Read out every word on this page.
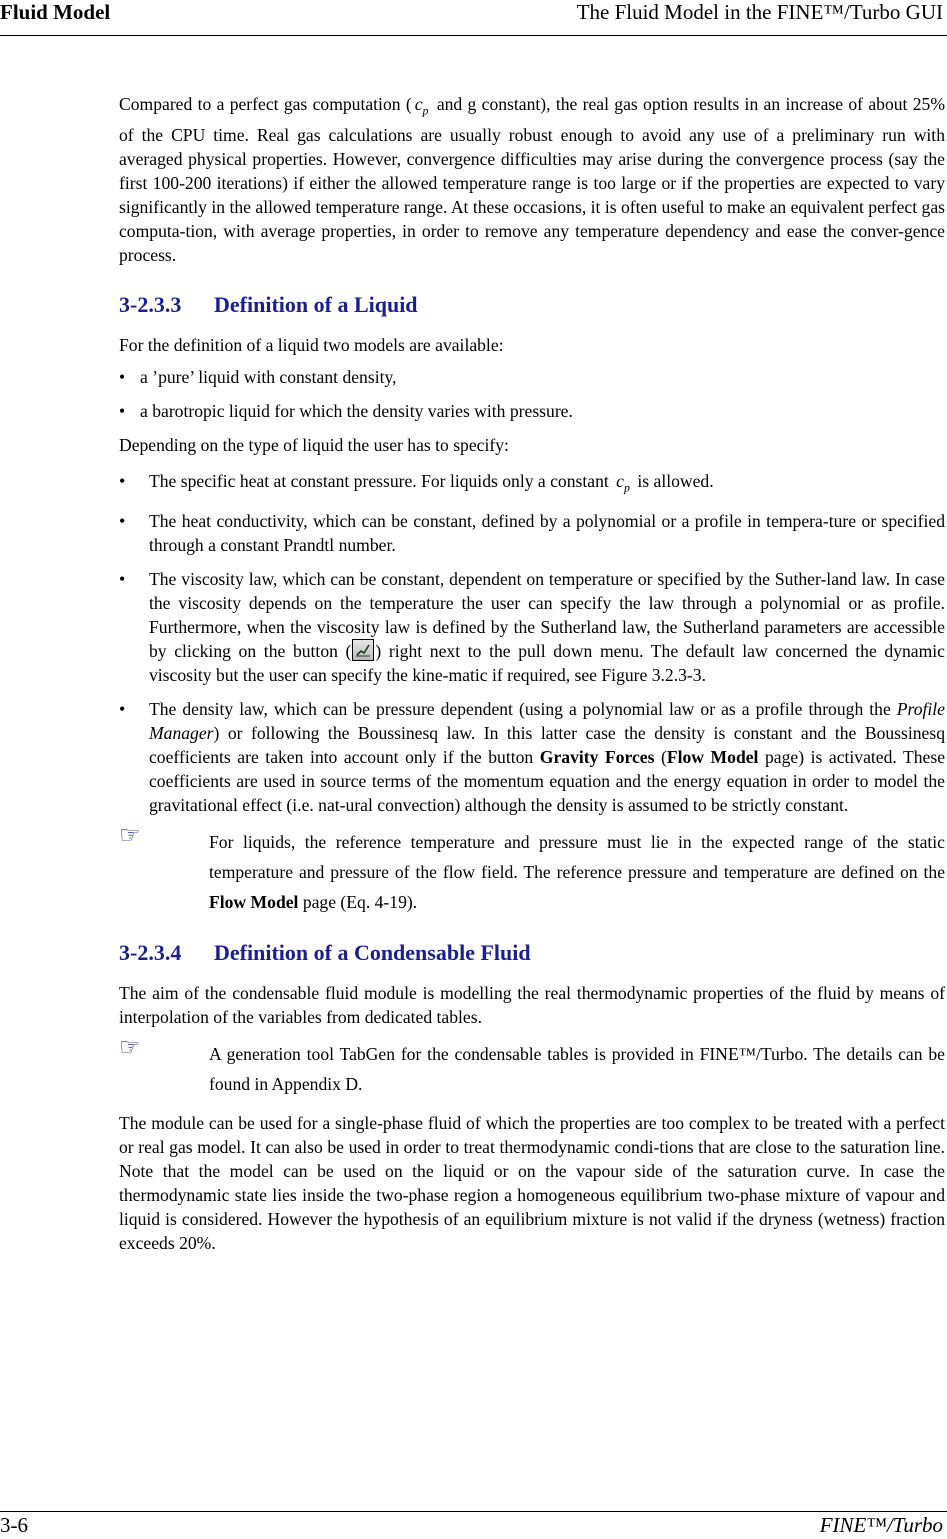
Fluid Model	The Fluid Model in the FINE™/Turbo GUI

Compared to a perfect gas computation ( $c_p$ and g constant), the real gas option results in an increase of about 25% of the CPU time. Real gas calculations are usually robust enough to avoid any use of a preliminary run with averaged physical properties. However, convergence difficulties may arise during the convergence process (say the first 100-200 iterations) if either the allowed temperature range is too large or if the properties are expected to vary significantly in the allowed temperature range. At these occasions, it is often useful to make an equivalent perfect gas computa-tion, with average properties, in order to remove any temperature dependency and ease the conver-gence process.

3-2.3.3 Definition of a Liquid

For the definition of a liquid two models are available:

• a ’pure’ liquid with constant density,
• a barotropic liquid for which the density varies with pressure.

Depending on the type of liquid the user has to specify:

• The specific heat at constant pressure. For liquids only a constant $c_p$ is allowed.
• The heat conductivity, which can be constant, defined by a polynomial or a profile in tempera-ture or specified through a constant Prandtl number.
• The viscosity law, which can be constant, dependent on temperature or specified by the Suther-land law. In case the viscosity depends on the temperature the user can specify the law through a polynomial or as profile. Furthermore, when the viscosity law is defined by the Sutherland law, the Sutherland parameters are accessible by clicking on the button ( ) right next to the pull down menu. The default law concerned the dynamic viscosity but the user can specify the kine-matic if required, see Figure 3.2.3-3.
• The density law, which can be pressure dependent (using a polynomial law or as a profile through the Profile Manager) or following the Boussinesq law. In this latter case the density is constant and the Boussinesq coefficients are taken into account only if the button Gravity Forces (Flow Model page) is activated. These coefficients are used in source terms of the momentum equation and the energy equation in order to model the gravitational effect (i.e. nat-ural convection) although the density is assumed to be strictly constant.
☞	For liquids, the reference temperature and pressure must lie in the expected range of the static temperature and pressure of the flow field. The reference pressure and temperature are defined on the Flow Model page (Eq. 4-19).

3-2.3.4 Definition of a Condensable Fluid

The aim of the condensable fluid module is modelling the real thermodynamic properties of the fluid by means of interpolation of the variables from dedicated tables.

☞	A generation tool TabGen for the condensable tables is provided in FINE™/Turbo. The details can be found in Appendix D.

The module can be used for a single-phase fluid of which the properties are too complex to be treated with a perfect or real gas model. It can also be used in order to treat thermodynamic condi-tions that are close to the saturation line. Note that the model can be used on the liquid or on the vapour side of the saturation curve. In case the thermodynamic state lies inside the two-phase region a homogeneous equilibrium two-phase mixture of vapour and liquid is considered. However the hypothesis of an equilibrium mixture is not valid if the dryness (wetness) fraction exceeds 20%.

3-6	FINE™/Turbo
